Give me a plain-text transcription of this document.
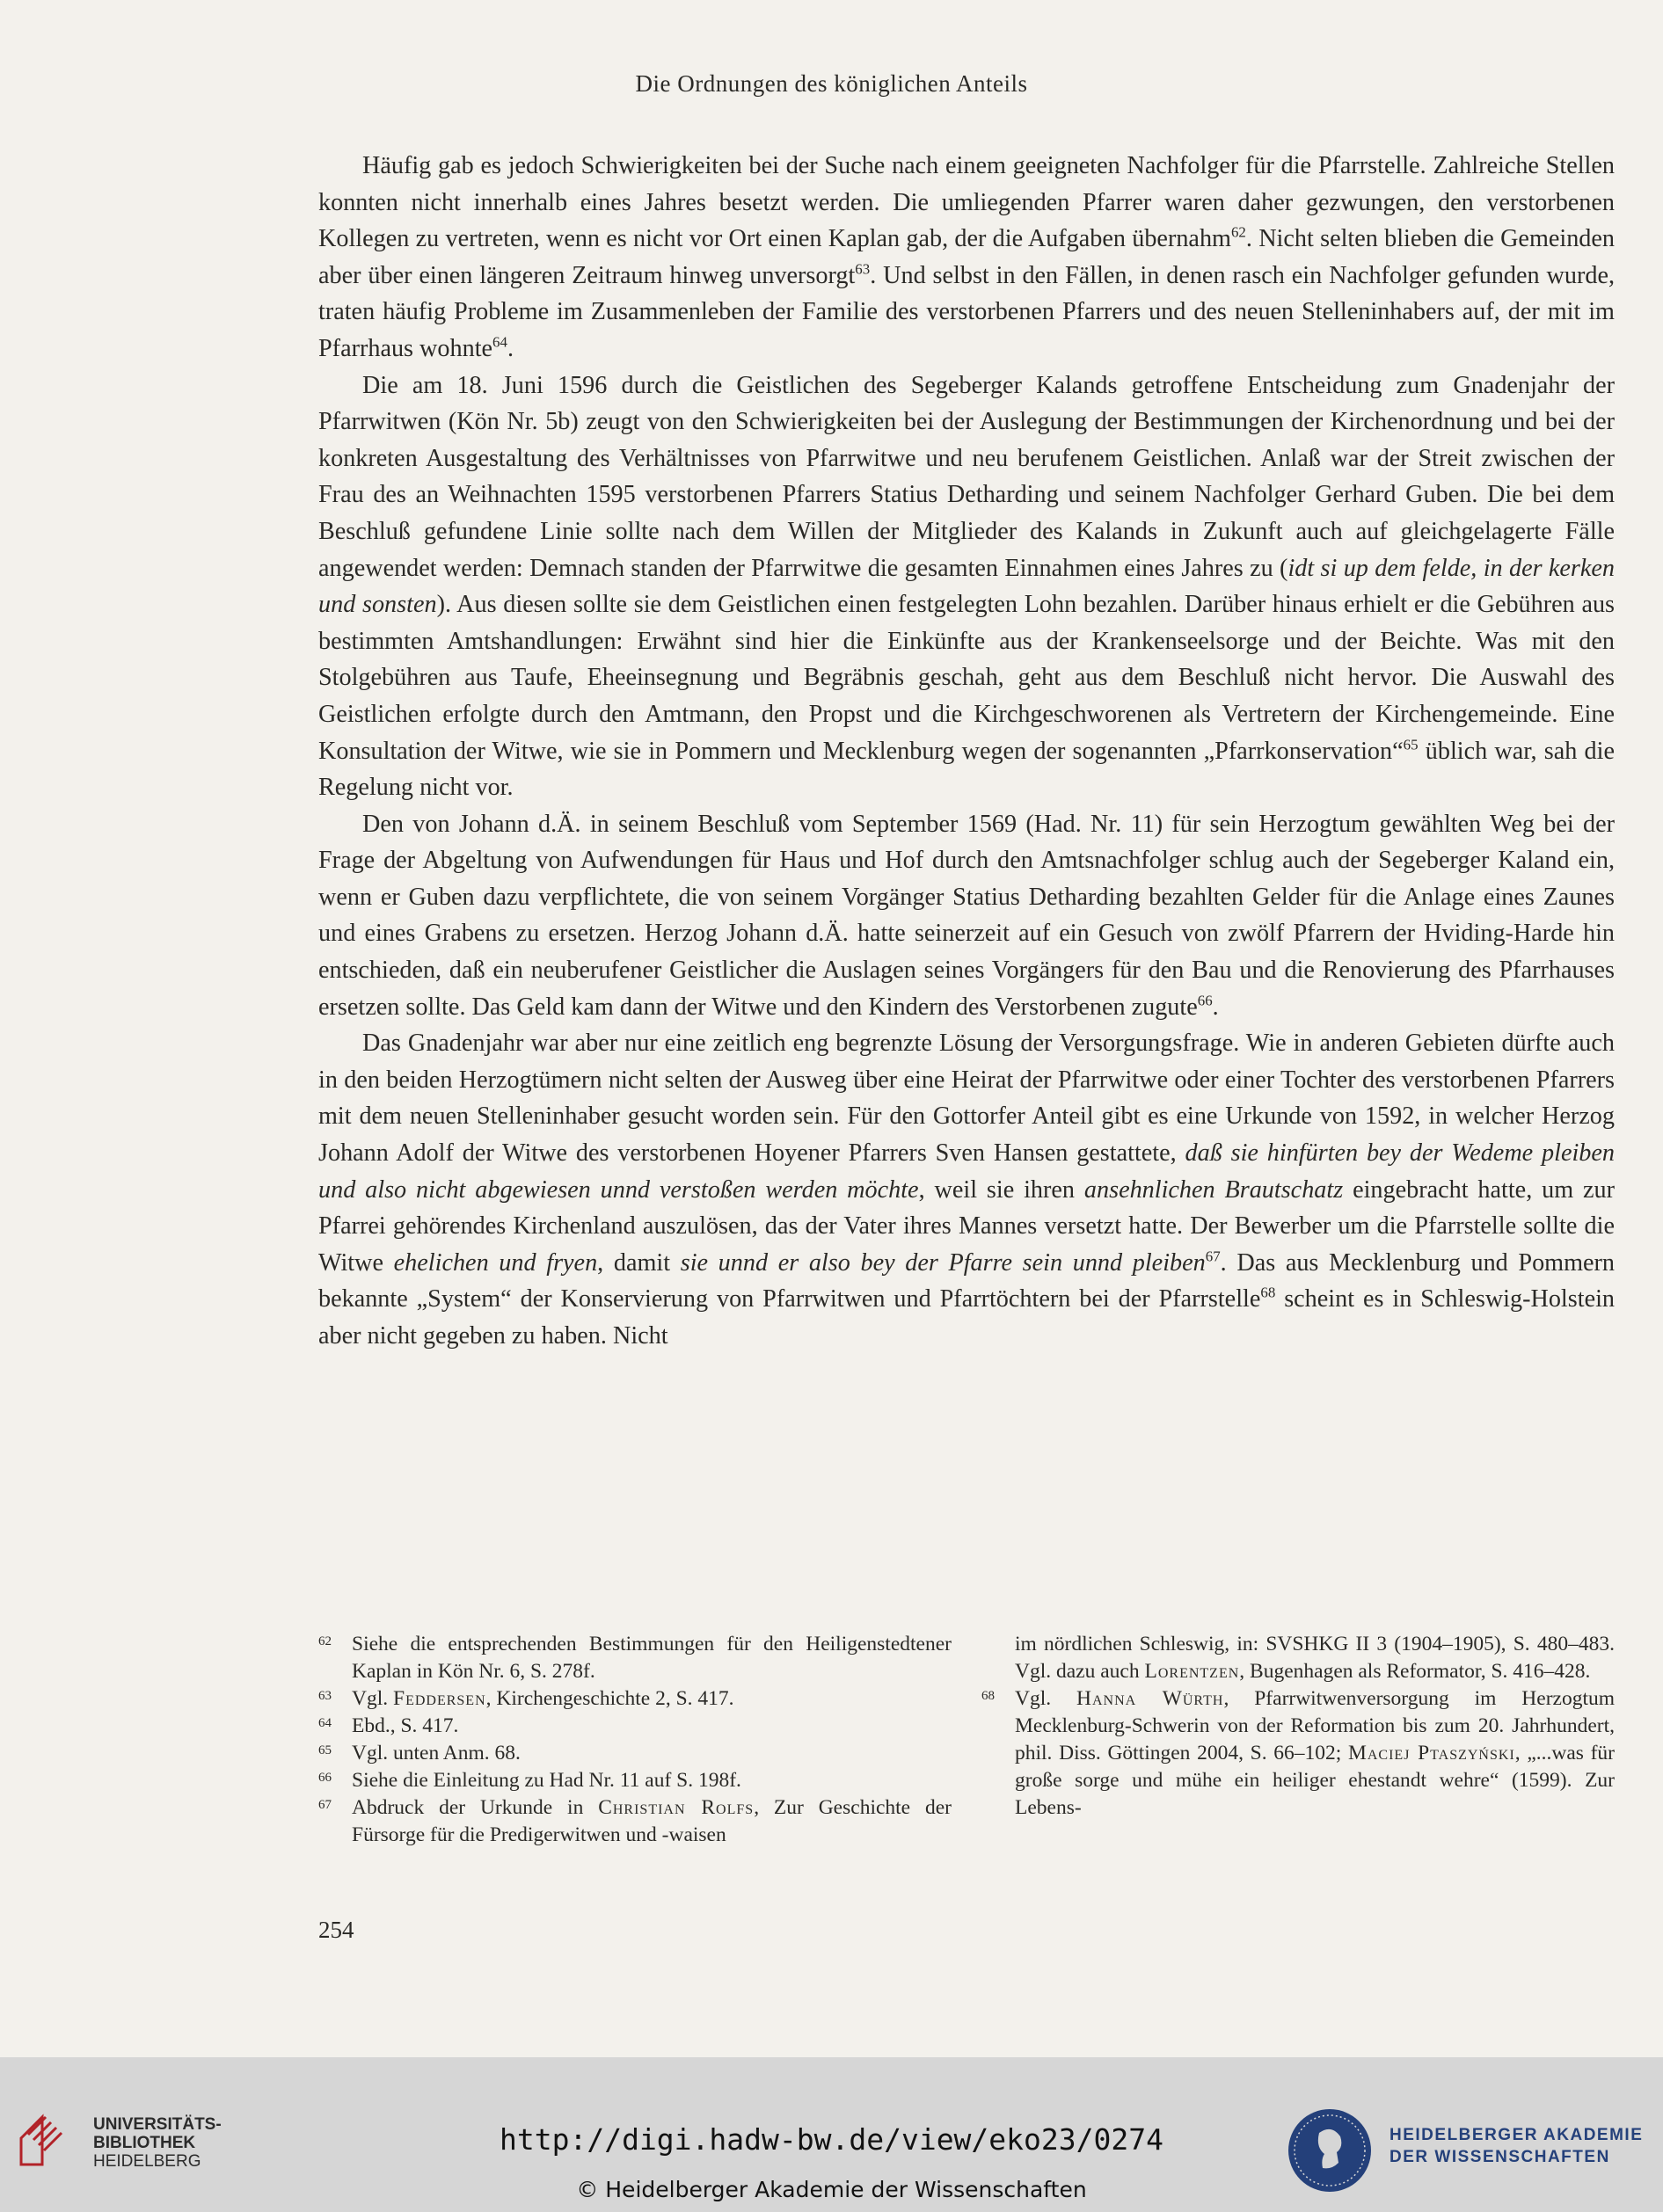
Die Ordnungen des königlichen Anteils

Häufig gab es jedoch Schwierigkeiten bei der Suche nach einem geeigneten Nachfolger für die Pfarrstelle. Zahlreiche Stellen konnten nicht innerhalb eines Jahres besetzt werden. Die umliegenden Pfarrer waren daher gezwungen, den verstorbenen Kollegen zu vertreten, wenn es nicht vor Ort einen Kaplan gab, der die Aufgaben übernahm$^{62}$. Nicht selten blieben die Gemeinden aber über einen längeren Zeitraum hinweg unversorgt$^{63}$. Und selbst in den Fällen, in denen rasch ein Nachfolger gefunden wurde, traten häufig Probleme im Zusammenleben der Familie des verstorbenen Pfarrers und des neuen Stelleninhabers auf, der mit im Pfarrhaus wohnte$^{64}$.

Die am 18. Juni 1596 durch die Geistlichen des Segeberger Kalands getroffene Entscheidung zum Gnadenjahr der Pfarrwitwen (Kön Nr. 5b) zeugt von den Schwierigkeiten bei der Auslegung der Bestimmungen der Kirchenordnung und bei der konkreten Ausgestaltung des Verhältnisses von Pfarrwitwe und neu berufenem Geistlichen. Anlaß war der Streit zwischen der Frau des an Weihnachten 1595 verstorbenen Pfarrers Statius Detharding und seinem Nachfolger Gerhard Guben. Die bei dem Beschluß gefundene Linie sollte nach dem Willen der Mitglieder des Kalands in Zukunft auch auf gleichgelagerte Fälle angewendet werden: Demnach standen der Pfarrwitwe die gesamten Einnahmen eines Jahres zu (idt si up dem felde, in der kerken und sonsten). Aus diesen sollte sie dem Geistlichen einen festgelegten Lohn bezahlen. Darüber hinaus erhielt er die Gebühren aus bestimmten Amtshandlungen: Erwähnt sind hier die Einkünfte aus der Krankenseelsorge und der Beichte. Was mit den Stolgebühren aus Taufe, Eheeinsegnung und Begräbnis geschah, geht aus dem Beschluß nicht hervor. Die Auswahl des Geistlichen erfolgte durch den Amtmann, den Propst und die Kirchgeschworenen als Vertretern der Kirchengemeinde. Eine Konsultation der Witwe, wie sie in Pommern und Mecklenburg wegen der sogenannten „Pfarrkonservation“$^{65}$ üblich war, sah die Regelung nicht vor.

Den von Johann d.Ä. in seinem Beschluß vom September 1569 (Had. Nr. 11) für sein Herzogtum gewählten Weg bei der Frage der Abgeltung von Aufwendungen für Haus und Hof durch den Amtsnachfolger schlug auch der Segeberger Kaland ein, wenn er Guben dazu verpflichtete, die von seinem Vorgänger Statius Detharding bezahlten Gelder für die Anlage eines Zaunes und eines Grabens zu ersetzen. Herzog Johann d.Ä. hatte seinerzeit auf ein Gesuch von zwölf Pfarrern der Hviding-Harde hin entschieden, daß ein neuberufener Geistlicher die Auslagen seines Vorgängers für den Bau und die Renovierung des Pfarrhauses ersetzen sollte. Das Geld kam dann der Witwe und den Kindern des Verstorbenen zugute$^{66}$.

Das Gnadenjahr war aber nur eine zeitlich eng begrenzte Lösung der Versorgungsfrage. Wie in anderen Gebieten dürfte auch in den beiden Herzogtümern nicht selten der Ausweg über eine Heirat der Pfarrwitwe oder einer Tochter des verstorbenen Pfarrers mit dem neuen Stelleninhaber gesucht worden sein. Für den Gottorfer Anteil gibt es eine Urkunde von 1592, in welcher Herzog Johann Adolf der Witwe des verstorbenen Hoyener Pfarrers Sven Hansen gestattete, daß sie hinfürten bey der Wedeme pleiben und also nicht abgewiesen unnd verstoßen werden möchte, weil sie ihren ansehnlichen Brautschatz eingebracht hatte, um zur Pfarrei gehörendes Kirchenland auszulösen, das der Vater ihres Mannes versetzt hatte. Der Bewerber um die Pfarrstelle sollte die Witwe ehelichen und fryen, damit sie unnd er also bey der Pfarre sein unnd pleiben$^{67}$. Das aus Mecklenburg und Pommern bekannte „System“ der Konservierung von Pfarrwitwen und Pfarrtöchtern bei der Pfarrstelle$^{68}$ scheint es in Schleswig-Holstein aber nicht gegeben zu haben. Nicht

62 Siehe die entsprechenden Bestimmungen für den Heiligenstedtener Kaplan in Kön Nr. 6, S. 278f.
63 Vgl. Feddersen, Kirchengeschichte 2, S. 417.
64 Ebd., S. 417.
65 Vgl. unten Anm. 68.
66 Siehe die Einleitung zu Had Nr. 11 auf S. 198f.
67 Abdruck der Urkunde in Christian Rolfs, Zur Geschichte der Fürsorge für die Predigerwitwen und -waisen
im nördlichen Schleswig, in: SVSHKG II 3 (1904–1905), S. 480–483. Vgl. dazu auch Lorentzen, Bugenhagen als Reformator, S. 416–428.
68 Vgl. Hanna Würth, Pfarrwitwenversorgung im Herzogtum Mecklenburg-Schwerin von der Reformation bis zum 20. Jahrhundert, phil. Diss. Göttingen 2004, S. 66–102; Maciej Ptaszyński, „...was für große sorge und mühe ein heiliger ehestandt wehre“ (1599). Zur Lebens-
254
UNIVERSITÄTS-
BIBLIOTHEK
HEIDELBERG
http://digi.hadw-bw.de/view/eko23/0274
© Heidelberger Akademie der Wissenschaften
HEIDELBERGER AKADEMIE
DER WISSENSCHAFTEN
